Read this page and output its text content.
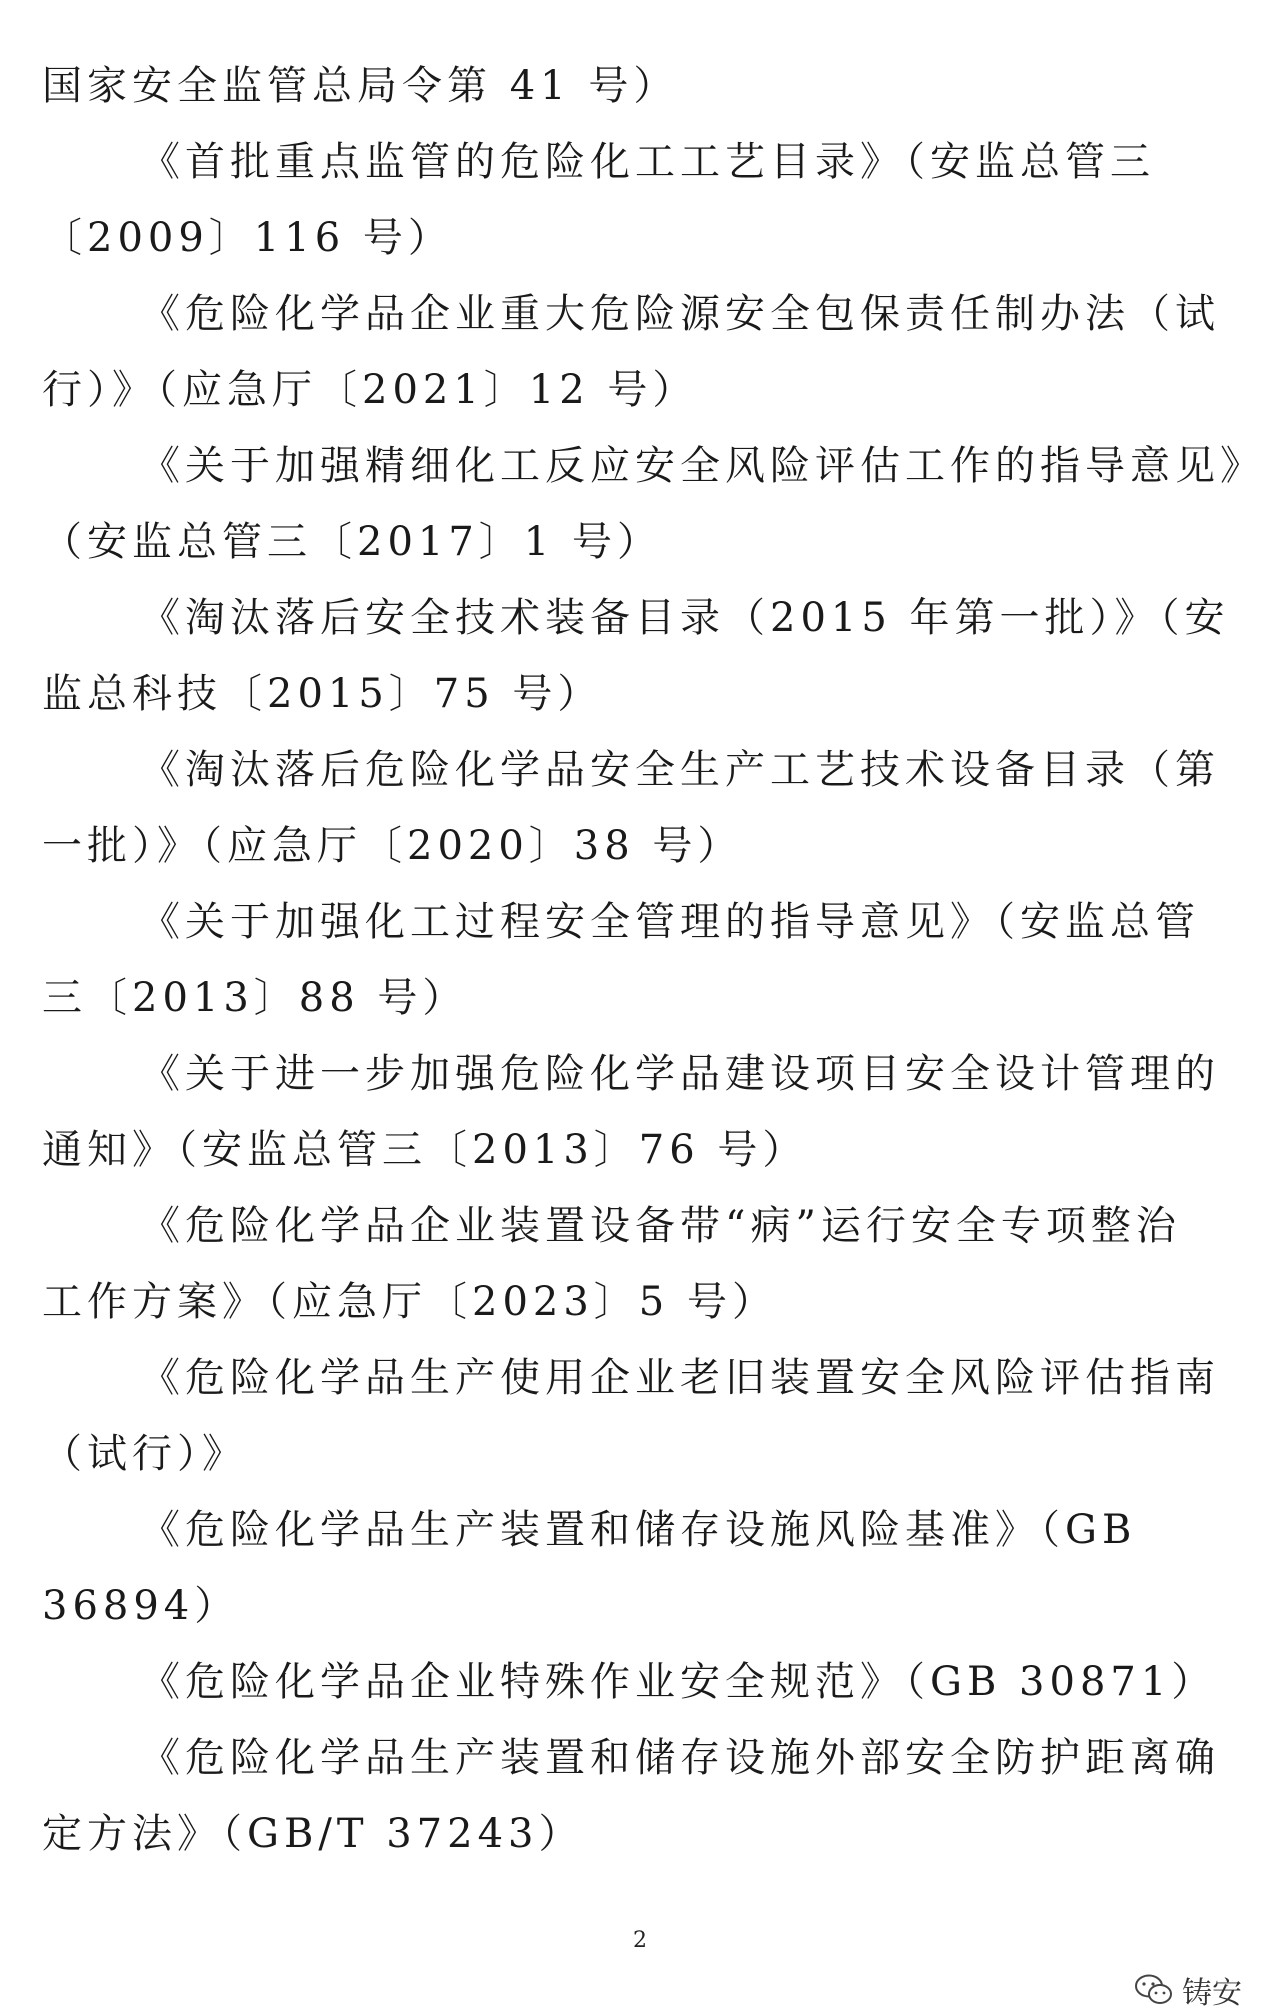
国家安全监管总局令第 41 号）
《首批重点监管的危险化工工艺目录》（安监总管三
〔2009〕116 号）
《危险化学品企业重大危险源安全包保责任制办法（试
行）》（应急厅〔2021〕12 号）
《关于加强精细化工反应安全风险评估工作的指导意见》
（安监总管三〔2017〕1 号）
《淘汰落后安全技术装备目录（2015 年第一批）》（安
监总科技〔2015〕75 号）
《淘汰落后危险化学品安全生产工艺技术设备目录（第
一批）》（应急厅〔2020〕38 号）
《关于加强化工过程安全管理的指导意见》（安监总管
三〔2013〕88 号）
《关于进一步加强危险化学品建设项目安全设计管理的
通知》（安监总管三〔2013〕76 号）
《危险化学品企业装置设备带“病”运行安全专项整治
工作方案》（应急厅〔2023〕5 号）
《危险化学品生产使用企业老旧装置安全风险评估指南
（试行）》
《危险化学品生产装置和储存设施风险基准》（GB
36894）
《危险化学品企业特殊作业安全规范》（GB 30871）
《危险化学品生产装置和储存设施外部安全防护距离确
定方法》（GB/T 37243）
2
铸安
